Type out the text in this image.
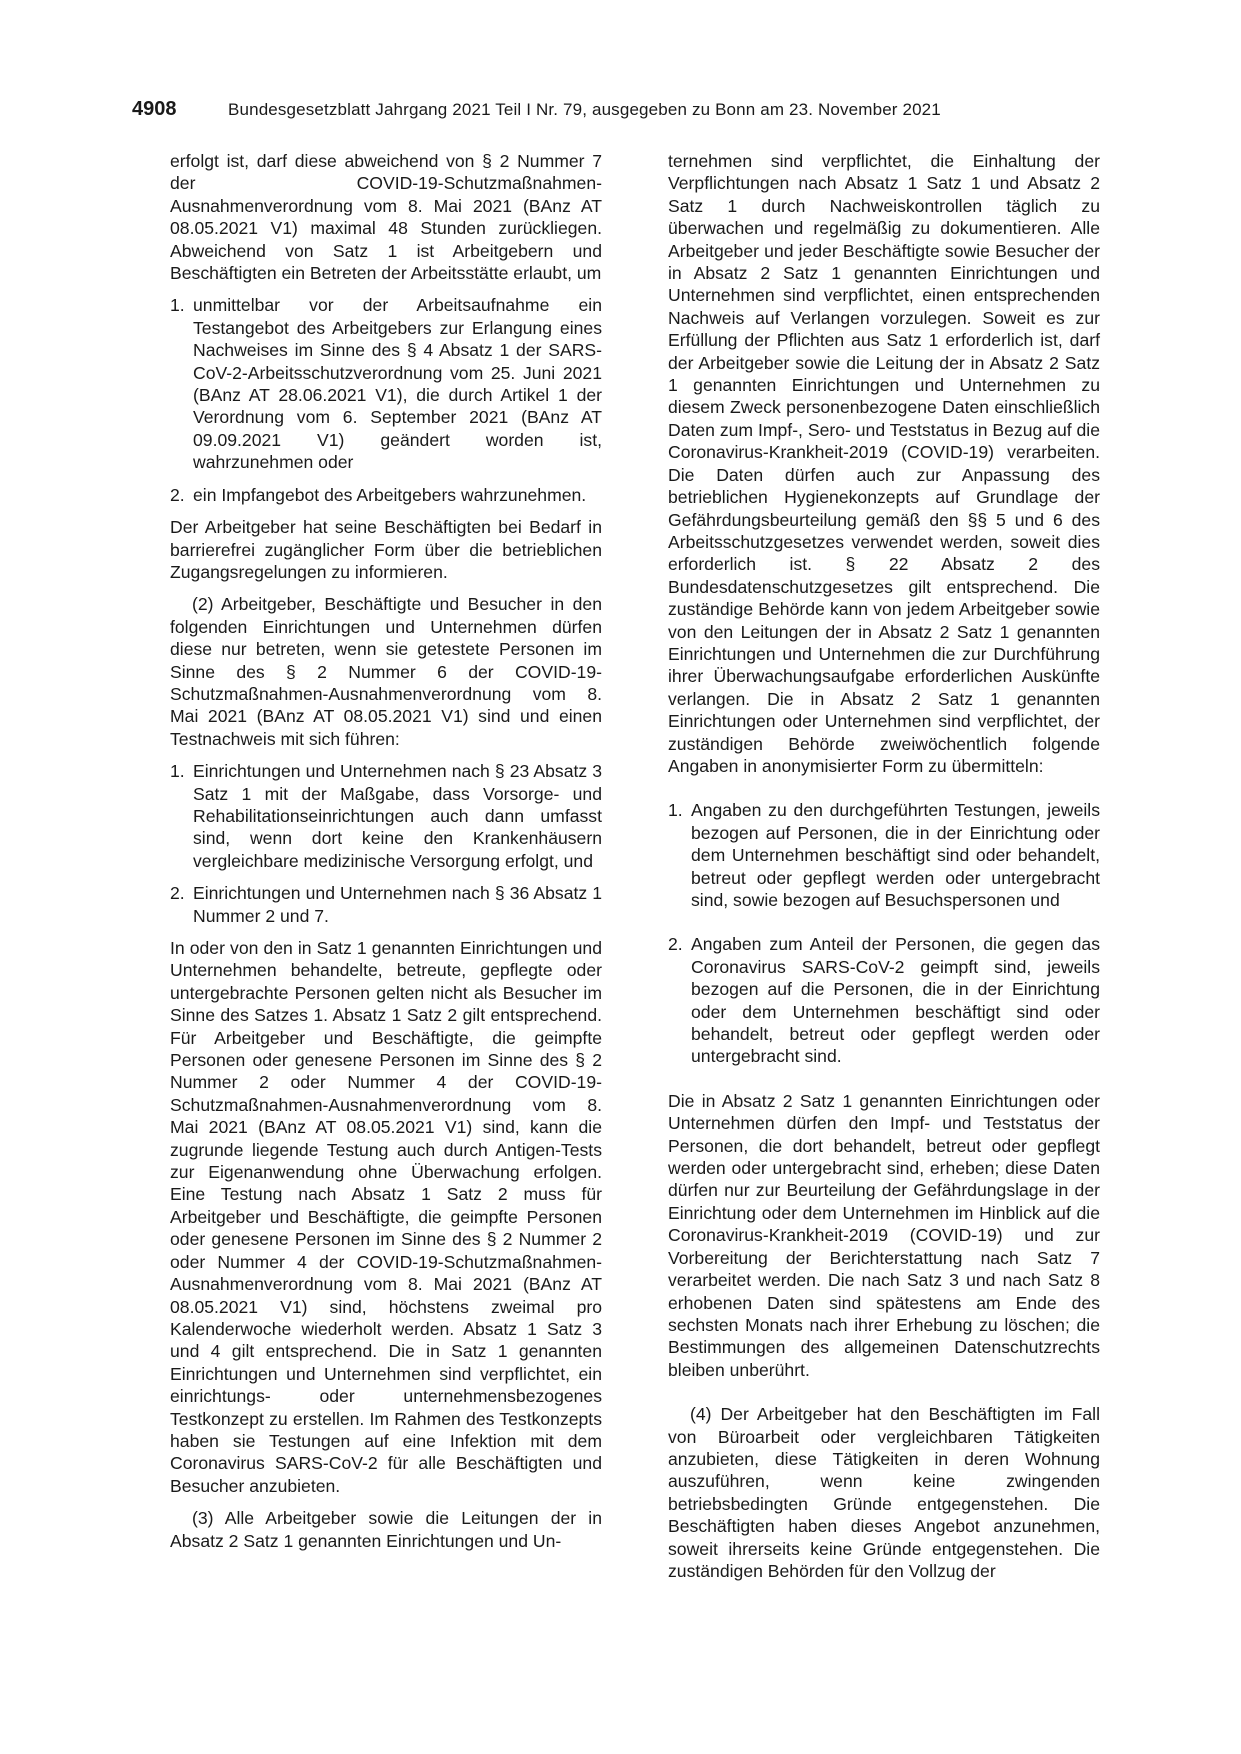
4908	Bundesgesetzblatt Jahrgang 2021 Teil I Nr. 79, ausgegeben zu Bonn am 23. November 2021

erfolgt ist, darf diese abweichend von § 2 Nummer 7 der COVID-19-Schutzmaßnahmen-Ausnahmenverordnung vom 8. Mai 2021 (BAnz AT 08.05.2021 V1) maximal 48 Stunden zurückliegen. Abweichend von Satz 1 ist Arbeitgebern und Beschäftigten ein Betreten der Arbeitsstätte erlaubt, um

1. unmittelbar vor der Arbeitsaufnahme ein Testangebot des Arbeitgebers zur Erlangung eines Nachweises im Sinne des § 4 Absatz 1 der SARS-CoV-2-Arbeitsschutzverordnung vom 25. Juni 2021 (BAnz AT 28.06.2021 V1), die durch Artikel 1 der Verordnung vom 6. September 2021 (BAnz AT 09.09.2021 V1) geändert worden ist, wahrzunehmen oder
2. ein Impfangebot des Arbeitgebers wahrzunehmen.

Der Arbeitgeber hat seine Beschäftigten bei Bedarf in barrierefrei zugänglicher Form über die betrieblichen Zugangsregelungen zu informieren.

(2) Arbeitgeber, Beschäftigte und Besucher in den folgenden Einrichtungen und Unternehmen dürfen diese nur betreten, wenn sie getestete Personen im Sinne des § 2 Nummer 6 der COVID-19-Schutzmaßnahmen-Ausnahmenverordnung vom 8. Mai 2021 (BAnz AT 08.05.2021 V1) sind und einen Testnachweis mit sich führen:

1. Einrichtungen und Unternehmen nach § 23 Absatz 3 Satz 1 mit der Maßgabe, dass Vorsorge- und Rehabilitationseinrichtungen auch dann umfasst sind, wenn dort keine den Krankenhäusern vergleichbare medizinische Versorgung erfolgt, und
2. Einrichtungen und Unternehmen nach § 36 Absatz 1 Nummer 2 und 7.

In oder von den in Satz 1 genannten Einrichtungen und Unternehmen behandelte, betreute, gepflegte oder untergebrachte Personen gelten nicht als Besucher im Sinne des Satzes 1. Absatz 1 Satz 2 gilt entsprechend. Für Arbeitgeber und Beschäftigte, die geimpfte Personen oder genesene Personen im Sinne des § 2 Nummer 2 oder Nummer 4 der COVID-19-Schutzmaßnahmen-Ausnahmenverordnung vom 8. Mai 2021 (BAnz AT 08.05.2021 V1) sind, kann die zugrunde liegende Testung auch durch Antigen-Tests zur Eigenanwendung ohne Überwachung erfolgen. Eine Testung nach Absatz 1 Satz 2 muss für Arbeitgeber und Beschäftigte, die geimpfte Personen oder genesene Personen im Sinne des § 2 Nummer 2 oder Nummer 4 der COVID-19-Schutzmaßnahmen-Ausnahmenverordnung vom 8. Mai 2021 (BAnz AT 08.05.2021 V1) sind, höchstens zweimal pro Kalenderwoche wiederholt werden. Absatz 1 Satz 3 und 4 gilt entsprechend. Die in Satz 1 genannten Einrichtungen und Unternehmen sind verpflichtet, ein einrichtungs- oder unternehmensbezogenes Testkonzept zu erstellen. Im Rahmen des Testkonzepts haben sie Testungen auf eine Infektion mit dem Coronavirus SARS-CoV-2 für alle Beschäftigten und Besucher anzubieten.

(3) Alle Arbeitgeber sowie die Leitungen der in Absatz 2 Satz 1 genannten Einrichtungen und Un-

ternehmen sind verpflichtet, die Einhaltung der Verpflichtungen nach Absatz 1 Satz 1 und Absatz 2 Satz 1 durch Nachweiskontrollen täglich zu überwachen und regelmäßig zu dokumentieren. Alle Arbeitgeber und jeder Beschäftigte sowie Besucher der in Absatz 2 Satz 1 genannten Einrichtungen und Unternehmen sind verpflichtet, einen entsprechenden Nachweis auf Verlangen vorzulegen. Soweit es zur Erfüllung der Pflichten aus Satz 1 erforderlich ist, darf der Arbeitgeber sowie die Leitung der in Absatz 2 Satz 1 genannten Einrichtungen und Unternehmen zu diesem Zweck personenbezogene Daten einschließlich Daten zum Impf-, Sero- und Teststatus in Bezug auf die Coronavirus-Krankheit-2019 (COVID-19) verarbeiten. Die Daten dürfen auch zur Anpassung des betrieblichen Hygienekonzepts auf Grundlage der Gefährdungsbeurteilung gemäß den §§ 5 und 6 des Arbeitsschutzgesetzes verwendet werden, soweit dies erforderlich ist. § 22 Absatz 2 des Bundesdatenschutzgesetzes gilt entsprechend. Die zuständige Behörde kann von jedem Arbeitgeber sowie von den Leitungen der in Absatz 2 Satz 1 genannten Einrichtungen und Unternehmen die zur Durchführung ihrer Überwachungsaufgabe erforderlichen Auskünfte verlangen. Die in Absatz 2 Satz 1 genannten Einrichtungen oder Unternehmen sind verpflichtet, der zuständigen Behörde zweiwöchentlich folgende Angaben in anonymisierter Form zu übermitteln:

1. Angaben zu den durchgeführten Testungen, jeweils bezogen auf Personen, die in der Einrichtung oder dem Unternehmen beschäftigt sind oder behandelt, betreut oder gepflegt werden oder untergebracht sind, sowie bezogen auf Besuchspersonen und
2. Angaben zum Anteil der Personen, die gegen das Coronavirus SARS-CoV-2 geimpft sind, jeweils bezogen auf die Personen, die in der Einrichtung oder dem Unternehmen beschäftigt sind oder behandelt, betreut oder gepflegt werden oder untergebracht sind.

Die in Absatz 2 Satz 1 genannten Einrichtungen oder Unternehmen dürfen den Impf- und Teststatus der Personen, die dort behandelt, betreut oder gepflegt werden oder untergebracht sind, erheben; diese Daten dürfen nur zur Beurteilung der Gefährdungslage in der Einrichtung oder dem Unternehmen im Hinblick auf die Coronavirus-Krankheit-2019 (COVID-19) und zur Vorbereitung der Berichterstattung nach Satz 7 verarbeitet werden. Die nach Satz 3 und nach Satz 8 erhobenen Daten sind spätestens am Ende des sechsten Monats nach ihrer Erhebung zu löschen; die Bestimmungen des allgemeinen Datenschutzrechts bleiben unberührt.

(4) Der Arbeitgeber hat den Beschäftigten im Fall von Büroarbeit oder vergleichbaren Tätigkeiten anzubieten, diese Tätigkeiten in deren Wohnung auszuführen, wenn keine zwingenden betriebsbedingten Gründe entgegenstehen. Die Beschäftigten haben dieses Angebot anzunehmen, soweit ihrerseits keine Gründe entgegenstehen. Die zuständigen Behörden für den Vollzug der
